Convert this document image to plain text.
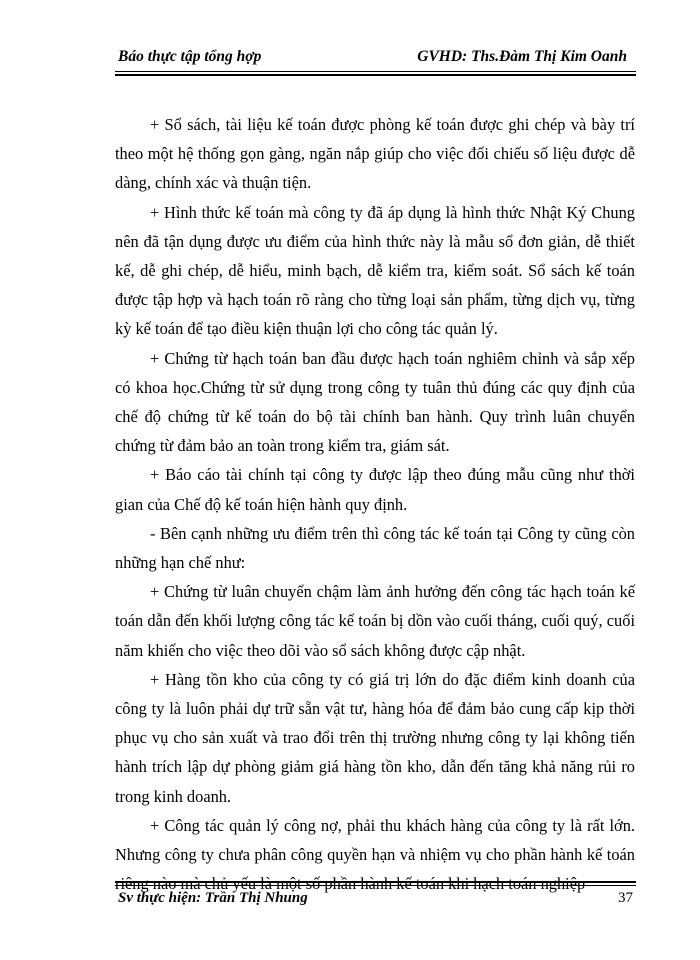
Báo thực tập tổng hợp	GVHD: Ths.Đàm Thị Kim Oanh

+ Sổ sách, tài liệu kế toán được phòng kế toán được ghi chép và bày trí theo một hệ thống gọn gàng, ngăn nắp giúp cho việc đối chiếu số liệu được dễ dàng, chính xác và thuận tiện.

+ Hình thức kế toán mà công ty đã áp dụng là hình thức Nhật Ký Chung nên đã tận dụng được ưu điểm của hình thức này là mẫu sổ đơn giản, dễ thiết kế, dễ ghi chép, dễ hiểu, minh bạch, dễ kiểm tra, kiểm soát. Sổ sách kế toán được tập hợp và hạch toán rõ ràng cho từng loại sản phẩm, từng dịch vụ, từng kỳ kế toán để tạo điều kiện thuận lợi cho công tác quản lý.

+ Chứng từ hạch toán ban đầu được hạch toán nghiêm chỉnh và sắp xếp có khoa học.Chứng từ sử dụng trong công ty tuân thủ đúng các quy định của chế độ chứng từ kế toán do bộ tài chính ban hành. Quy trình luân chuyển chứng từ đảm bảo an toàn trong kiểm tra, giám sát.

+ Báo cáo tài chính tại công ty được lập theo đúng mẫu cũng như thời gian của Chế độ kế toán hiện hành quy định.

- Bên cạnh những ưu điểm trên thì công tác kế toán tại Công ty cũng còn những hạn chế như:

+ Chứng từ luân chuyển chậm làm ảnh hưởng đến công tác hạch toán kế toán dẫn đến khối lượng công tác kế toán bị dồn vào cuối tháng, cuối quý, cuối năm khiến cho việc theo dõi vào sổ sách không được cập nhật.

+ Hàng tồn kho của công ty có giá trị lớn do đặc điểm kinh doanh của công ty là luôn phải dự trữ sẵn vật tư, hàng hóa để đảm bảo cung cấp kịp thời phục vụ cho sản xuất và trao đổi trên thị trường nhưng công ty lại không tiến hành trích lập dự phòng giảm giá hàng tồn kho, dẫn đến tăng khả năng rủi ro trong kinh doanh.

+ Công tác quản lý công nợ, phải thu khách hàng của công ty là rất lớn. Nhưng công ty chưa phân công quyền hạn và nhiệm vụ cho phần hành kế toán riêng nào mà chủ yếu là một số phần hành kế toán khi hạch toán nghiệp

Sv thực hiện: Trần Thị Nhung	37
